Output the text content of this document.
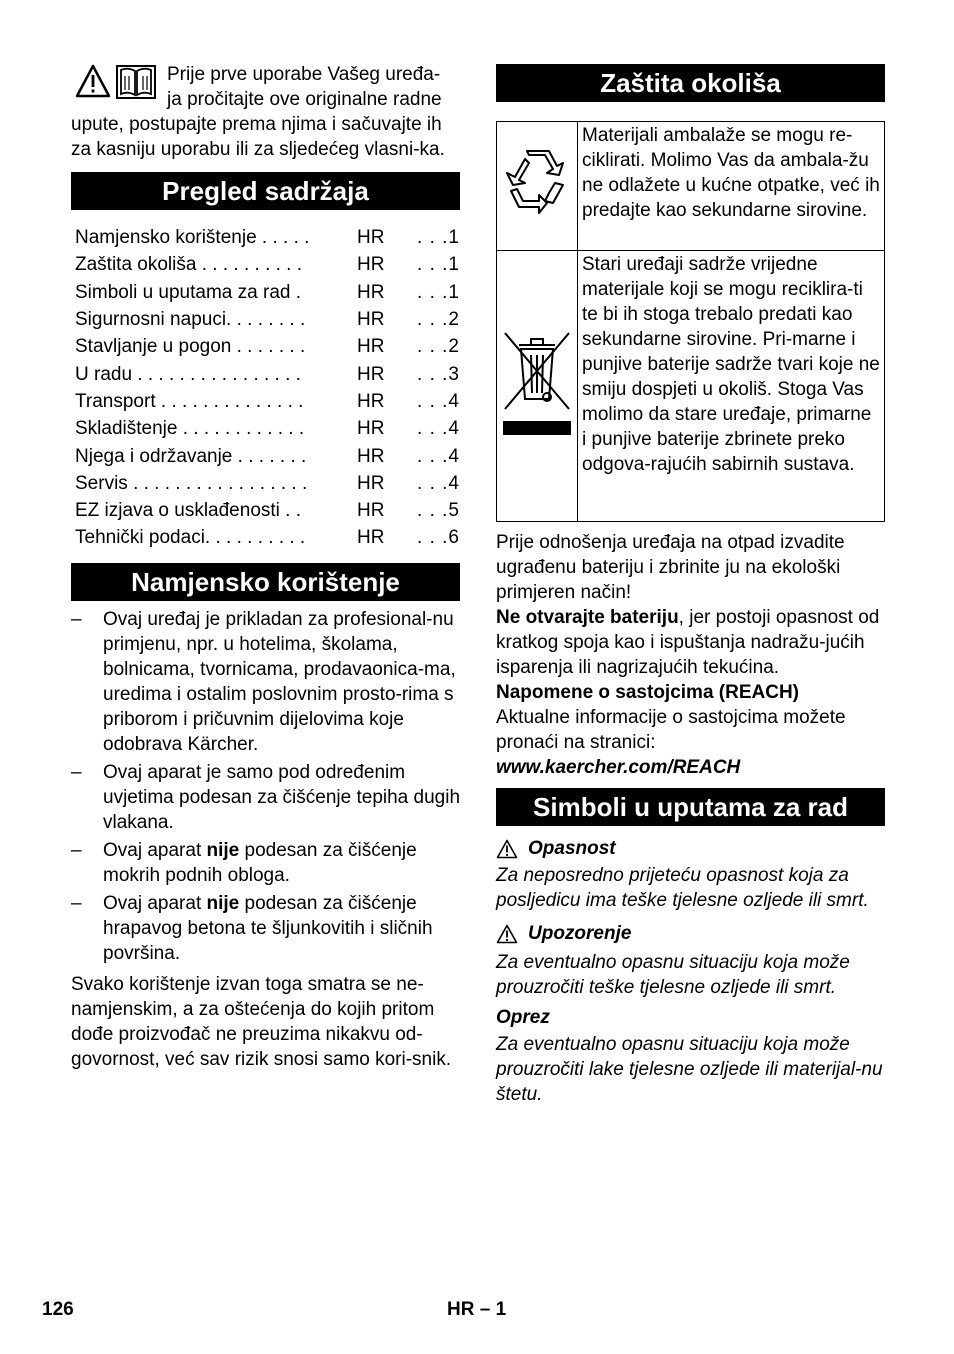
Prije prve uporabe Vašeg uređa-

ja pročitajte ove originalne radne

upute, postupajte prema njima i sačuvajte ih za kasniju uporabu ili za sljedećeg vlasni-ka.

Pregled sadržaja
Namjensko korištenje . . . . .	HR	. . .1
Zaštita okoliša . . . . . . . . . .	HR	. . .1
Simboli u uputama za rad .	HR	. . .1
Sigurnosni napuci. . . . . . . .	HR	. . .2
Stavljanje u pogon . . . . . . .	HR	. . .2
U radu . . . . . . . . . . . . . . . .	HR	. . .3
Transport . . . . . . . . . . . . . .	HR	. . .4
Skladištenje . . . . . . . . . . . .	HR	. . .4
Njega i održavanje . . . . . . .	HR	. . .4
Servis . . . . . . . . . . . . . . . . .	HR	. . .4
EZ izjava o usklađenosti . .	HR	. . .5
Tehnički podaci. . . . . . . . . .	HR	. . .6
Namjensko korištenje
– Ovaj uređaj je prikladan za profesional-nu primjenu, npr. u hotelima, školama, bolnicama, tvornicama, prodavaonica-ma, uredima i ostalim poslovnim prosto-rima s priborom i pričuvnim dijelovima koje odobrava Kärcher.
– Ovaj aparat je samo pod određenim uvjetima podesan za čišćenje tepiha dugih vlakana.
– Ovaj aparat nije podesan za čišćenje mokrih podnih obloga.
– Ovaj aparat nije podesan za čišćenje hrapavog betona te šljunkovitih i sličnih površina.

Svako korištenje izvan toga smatra se ne-namjenskim, a za oštećenja do kojih pritom dođe proizvođač ne preuzima nikakvu od-govornost, već sav rizik snosi samo kori-snik.

Zaštita okoliša
	Materijali ambalaže se mogu re-ciklirati. Molimo Vas da ambala-žu ne odlažete u kućne otpatke, već ih predajte kao sekundarne sirovine.
	Stari uređaji sadrže vrijedne materijale koji se mogu reciklira-ti te bi ih stoga trebalo predati kao sekundarne sirovine. Pri-marne i punjive baterije sadrže tvari koje ne smiju dospjeti u okoliš. Stoga Vas molimo da stare uređaje, primarne i punjive baterije zbrinete preko odgova-rajućih sabirnih sustava.

Prije odnošenja uređaja na otpad izvadite ugrađenu bateriju i zbrinite ju na ekološki primjeren način!

Ne otvarajte bateriju, jer postoji opasnost od kratkog spoja kao i ispuštanja nadražu-jućih isparenja ili nagrizajućih tekućina.

Napomene o sastojcima (REACH)

Aktualne informacije o sastojcima možete pronaći na stranici:

www.kaercher.com/REACH

Simboli u uputama za rad
Opasnost

Za neposredno prijeteću opasnost koja za posljedicu ima teške tjelesne ozljede ili smrt.

Upozorenje

Za eventualno opasnu situaciju koja može prouzročiti teške tjelesne ozljede ili smrt.

Oprez

Za eventualno opasnu situaciju koja može prouzročiti lake tjelesne ozljede ili materijal-nu štetu.

126	HR – 1
